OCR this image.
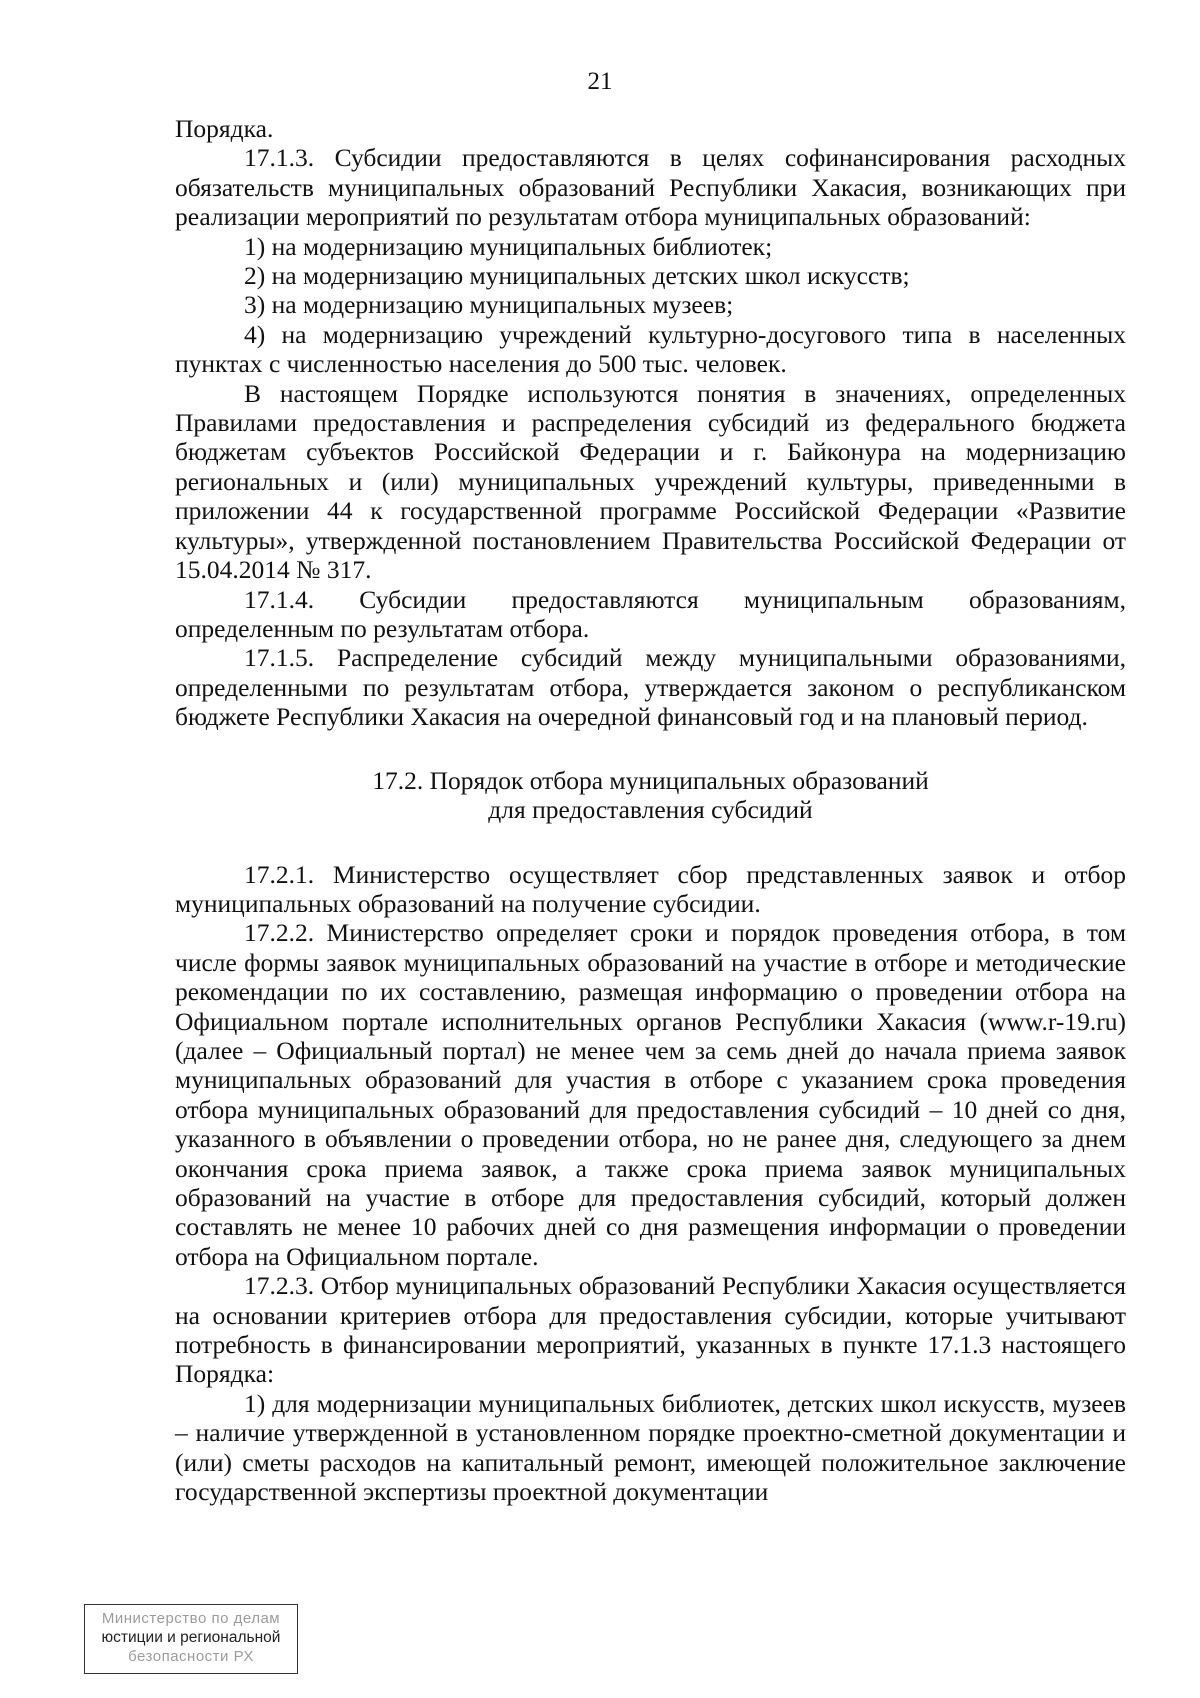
21

Порядка.

17.1.3. Субсидии предоставляются в целях софинансирования расходных обязательств муниципальных образований Республики Хакасия, возникающих при реализации мероприятий по результатам отбора муниципальных образований:

1) на модернизацию муниципальных библиотек;

2) на модернизацию муниципальных детских школ искусств;

3) на модернизацию муниципальных музеев;

4) на модернизацию учреждений культурно-досугового типа в населенных пунктах с численностью населения до 500 тыс. человек.

В настоящем Порядке используются понятия в значениях, определенных Правилами предоставления и распределения субсидий из федерального бюджета бюджетам субъектов Российской Федерации и г. Байконура на модернизацию региональных и (или) муниципальных учреждений культуры, приведенными в приложении 44 к государственной программе Российской Федерации «Развитие культуры», утвержденной постановлением Правительства Российской Федерации от 15.04.2014 № 317.

17.1.4. Субсидии предоставляются муниципальным образованиям, определенным по результатам отбора.

17.1.5. Распределение субсидий между муниципальными образованиями, определенными по результатам отбора, утверждается законом о республиканском бюджете Республики Хакасия на очередной финансовый год и на плановый период.

17.2. Порядок отбора муниципальных образований
для предоставления субсидий

17.2.1. Министерство осуществляет сбор представленных заявок и отбор муниципальных образований на получение субсидии.

17.2.2. Министерство определяет сроки и порядок проведения отбора, в том числе формы заявок муниципальных образований на участие в отборе и методические рекомендации по их составлению, размещая информацию о проведении отбора на Официальном портале исполнительных органов Республики Хакасия (www.r-19.ru) (далее – Официальный портал) не менее чем за семь дней до начала приема заявок муниципальных образований для участия в отборе с указанием срока проведения отбора муниципальных образований для предоставления субсидий – 10 дней со дня, указанного в объявлении о проведении отбора, но не ранее дня, следующего за днем окончания срока приема заявок, а также срока приема заявок муниципальных образований на участие в отборе для предоставления субсидий, который должен составлять не менее 10 рабочих дней со дня размещения информации о проведении отбора на Официальном портале.

17.2.3. Отбор муниципальных образований Республики Хакасия осуществляется на основании критериев отбора для предоставления субсидии, которые учитывают потребность в финансировании мероприятий, указанных в пункте 17.1.3 настоящего Порядка:

1) для модернизации муниципальных библиотек, детских школ искусств, музеев – наличие утвержденной в установленном порядке проектно-сметной документации и (или) сметы расходов на капитальный ремонт, имеющей положительное заключение государственной экспертизы проектной документации

Министерство по делам
юстиции и региональной
безопасности РХ
